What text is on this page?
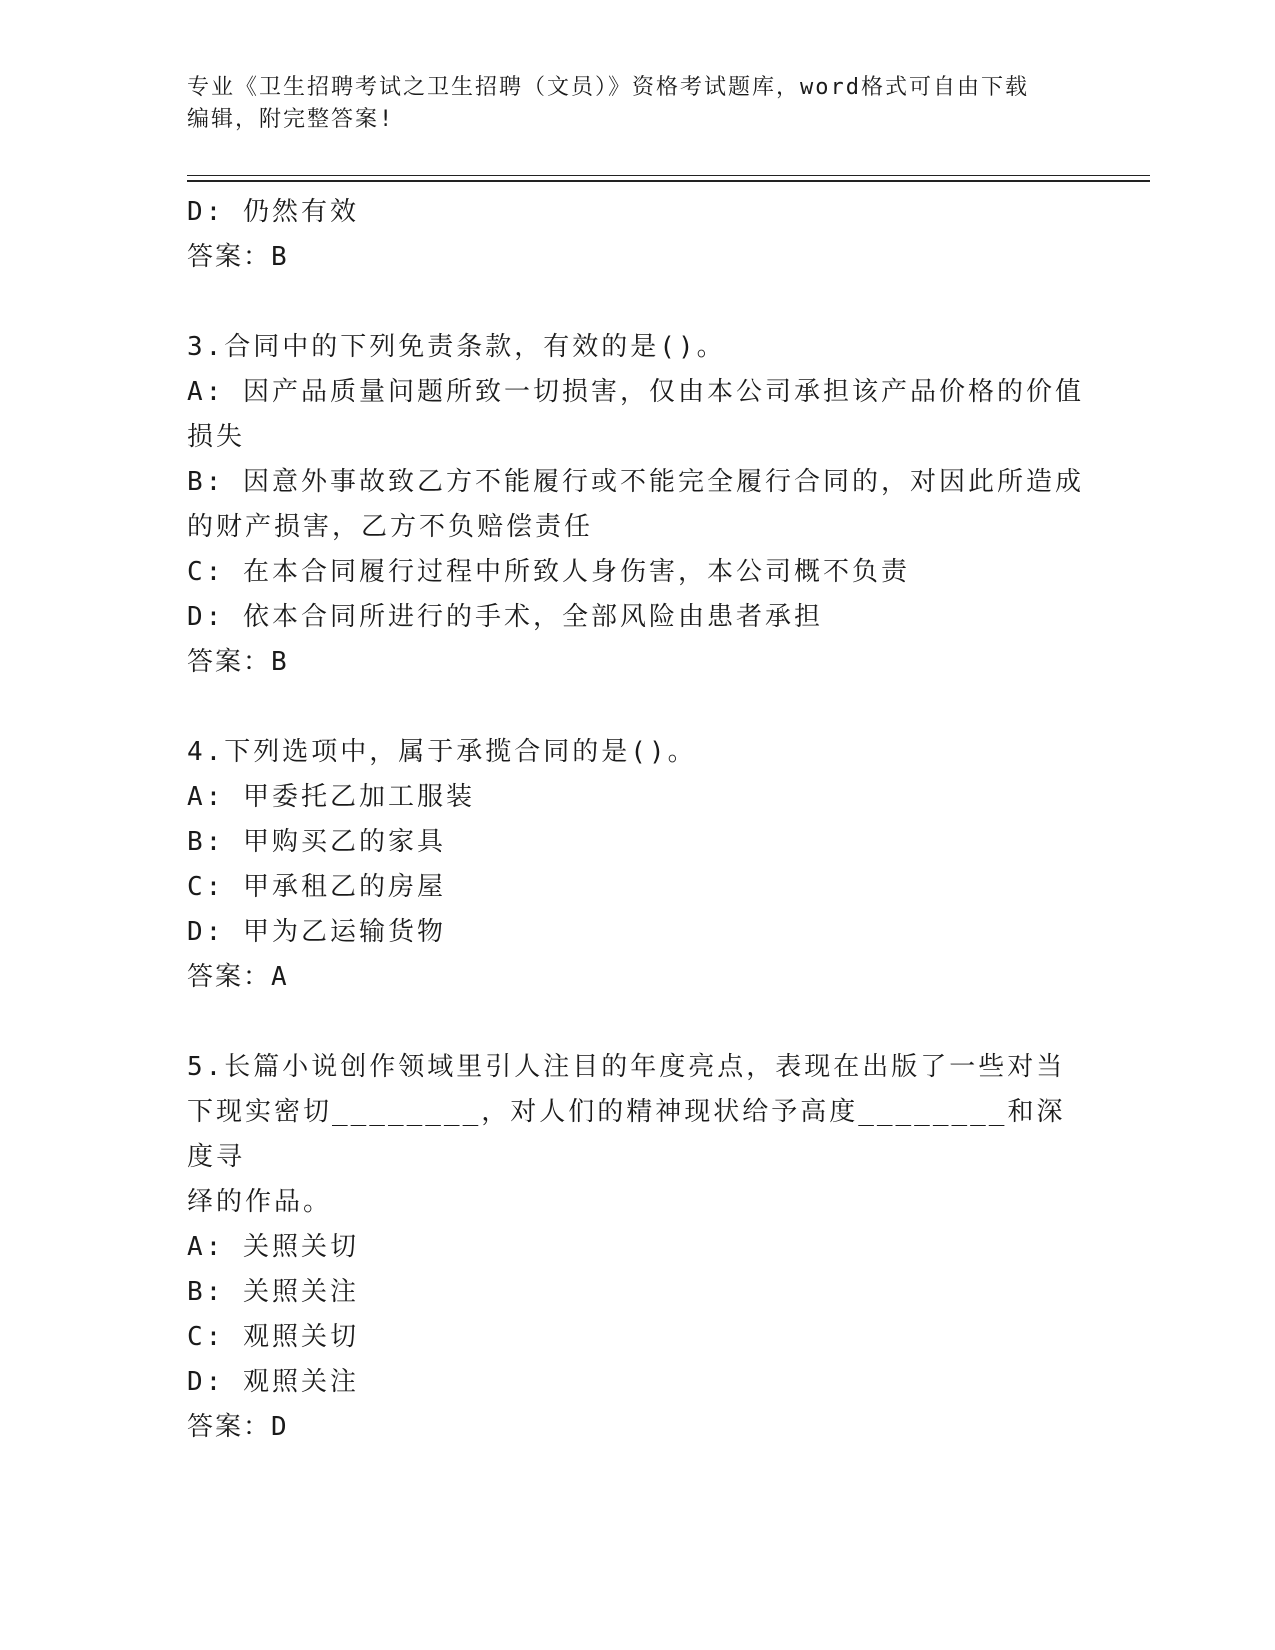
专业《卫生招聘考试之卫生招聘（文员）》资格考试题库，word格式可自由下载
编辑，附完整答案!
D: 仍然有效
答案：B
3.合同中的下列免责条款，有效的是()。
A: 因产品质量问题所致一切损害，仅由本公司承担该产品价格的价值
损失
B: 因意外事故致乙方不能履行或不能完全履行合同的，对因此所造成
的财产损害，乙方不负赔偿责任
C: 在本合同履行过程中所致人身伤害，本公司概不负责
D: 依本合同所进行的手术，全部风险由患者承担
答案：B
4.下列选项中，属于承揽合同的是()。
A: 甲委托乙加工服装
B: 甲购买乙的家具
C: 甲承租乙的房屋
D: 甲为乙运输货物
答案：A
5.长篇小说创作领域里引人注目的年度亮点，表现在出版了一些对当
下现实密切________，对人们的精神现状给予高度________和深度寻
绎的作品。
A: 关照关切
B: 关照关注
C: 观照关切
D: 观照关注
答案：D
